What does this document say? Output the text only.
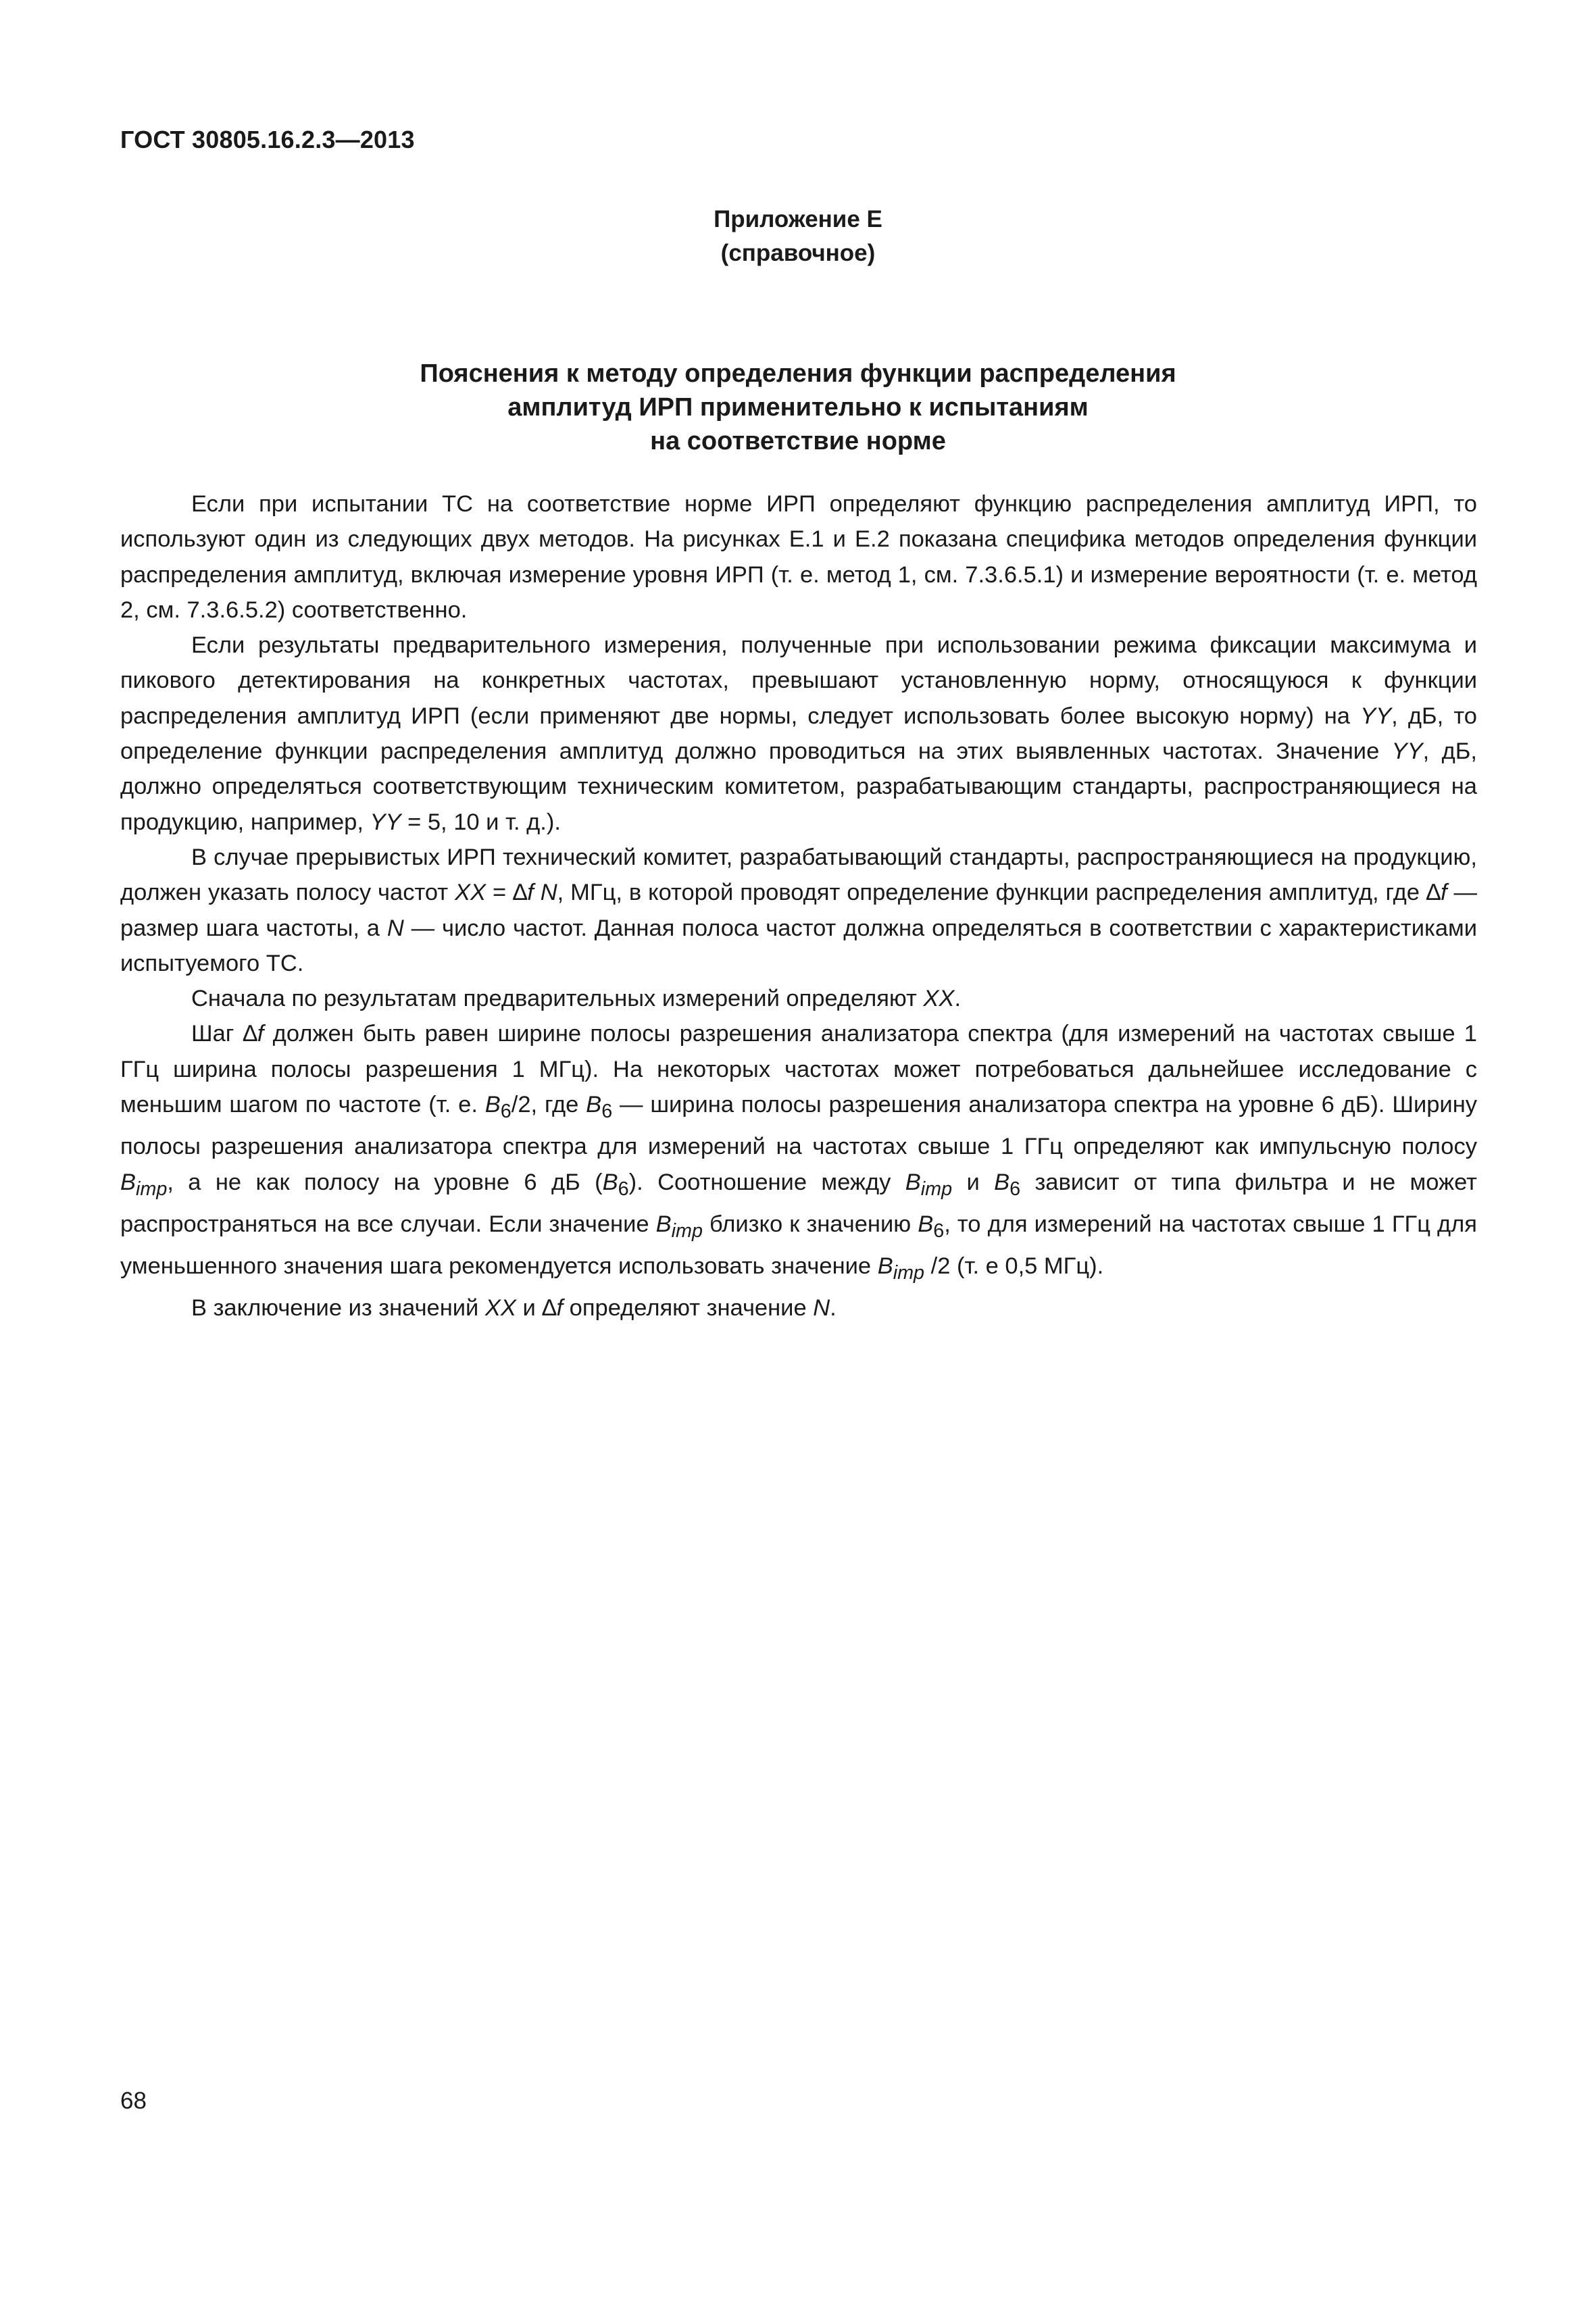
ГОСТ 30805.16.2.3—2013
Приложение Е
(справочное)
Пояснения к методу определения функции распределения
амплитуд ИРП применительно к испытаниям
на соответствие норме

Если при испытании ТС на соответствие норме ИРП определяют функцию распределения амплитуд ИРП, то используют один из следующих двух методов. На рисунках Е.1 и Е.2 показана специфика методов определения функции распределения амплитуд, включая измерение уровня ИРП (т. е. метод 1, см. 7.3.6.5.1) и измерение вероятности (т. е. метод 2, см. 7.3.6.5.2) соответственно.

Если результаты предварительного измерения, полученные при использовании режима фиксации максимума и пикового детектирования на конкретных частотах, превышают установленную норму, относящуюся к функции распределения амплитуд ИРП (если применяют две нормы, следует использовать более высокую норму) на YY, дБ, то определение функции распределения амплитуд должно проводиться на этих выявленных частотах. Значение YY, дБ, должно определяться соответствующим техническим комитетом, разрабатывающим стандарты, распространяющиеся на продукцию, например, YY = 5, 10 и т. д.).

В случае прерывистых ИРП технический комитет, разрабатывающий стандарты, распространяющиеся на продукцию, должен указать полосу частот XX = ∆f N, МГц, в которой проводят определение функции распределения амплитуд, где ∆f — размер шага частоты, а N — число частот. Данная полоса частот должна определяться в соответствии с характеристиками испытуемого ТС.

Сначала по результатам предварительных измерений определяют XX.

Шаг ∆f должен быть равен ширине полосы разрешения анализатора спектра (для измерений на частотах свыше 1 ГГц ширина полосы разрешения 1 МГц). На некоторых частотах может потребоваться дальнейшее исследование с меньшим шагом по частоте (т. е. $B_6/2$, где $B_6$ — ширина полосы разрешения анализатора спектра на уровне 6 дБ). Ширину полосы разрешения анализатора спектра для измерений на частотах свыше 1 ГГц определяют как импульсную полосу $B_{imp}$, а не как полосу на уровне 6 дБ $(B_6)$. Соотношение между $B_{imp}$ и $B_6$ зависит от типа фильтра и не может распространяться на все случаи. Если значение $B_{imp}$ близко к значению $B_6$, то для измерений на частотах свыше 1 ГГц для уменьшенного значения шага рекомендуется использовать значение $B_{imp}$ /2 (т. е 0,5 МГц).

В заключение из значений XX и ∆f определяют значение N.

68
